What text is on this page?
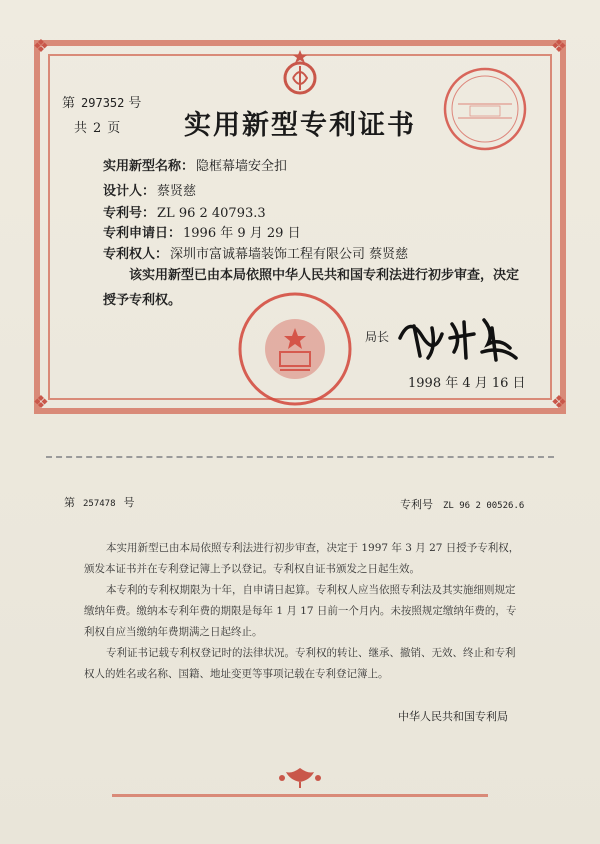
❖	❖
❖	❖
第 297352 号
共 2 页	实用新型专利证书
实用新型名称： 隐框幕墙安全扣
设计人： 蔡贤慈
专利号： ZL 96 2 40793.3
专利申请日： 1996 年 9 月 29 日
专利权人： 深圳市富诚幕墙装饰工程有限公司 蔡贤慈
该实用新型已由本局依照中华人民共和国专利法进行初步审查，决定授予专利权。
局长
1998 年 4 月 16 日
第 257478 号	专利号 ZL 96 2 00526.6
本实用新型已由本局依照专利法进行初步审查，决定于 1997 年 3 月 27 日授予专利权，颁发本证书并在专利登记簿上予以登记。专利权自证书颁发之日起生效。
本专利的专利权期限为十年，自申请日起算。专利权人应当依照专利法及其实施细则规定缴纳年费。缴纳本专利年费的期限是每年 1 月 17 日前一个月内。未按照规定缴纳年费的，专利权自应当缴纳年费期满之日起终止。
专利证书记载专利权登记时的法律状况。专利权的转让、继承、撤销、无效、终止和专利权人的姓名或名称、国籍、地址变更等事项记载在专利登记簿上。
中华人民共和国专利局
